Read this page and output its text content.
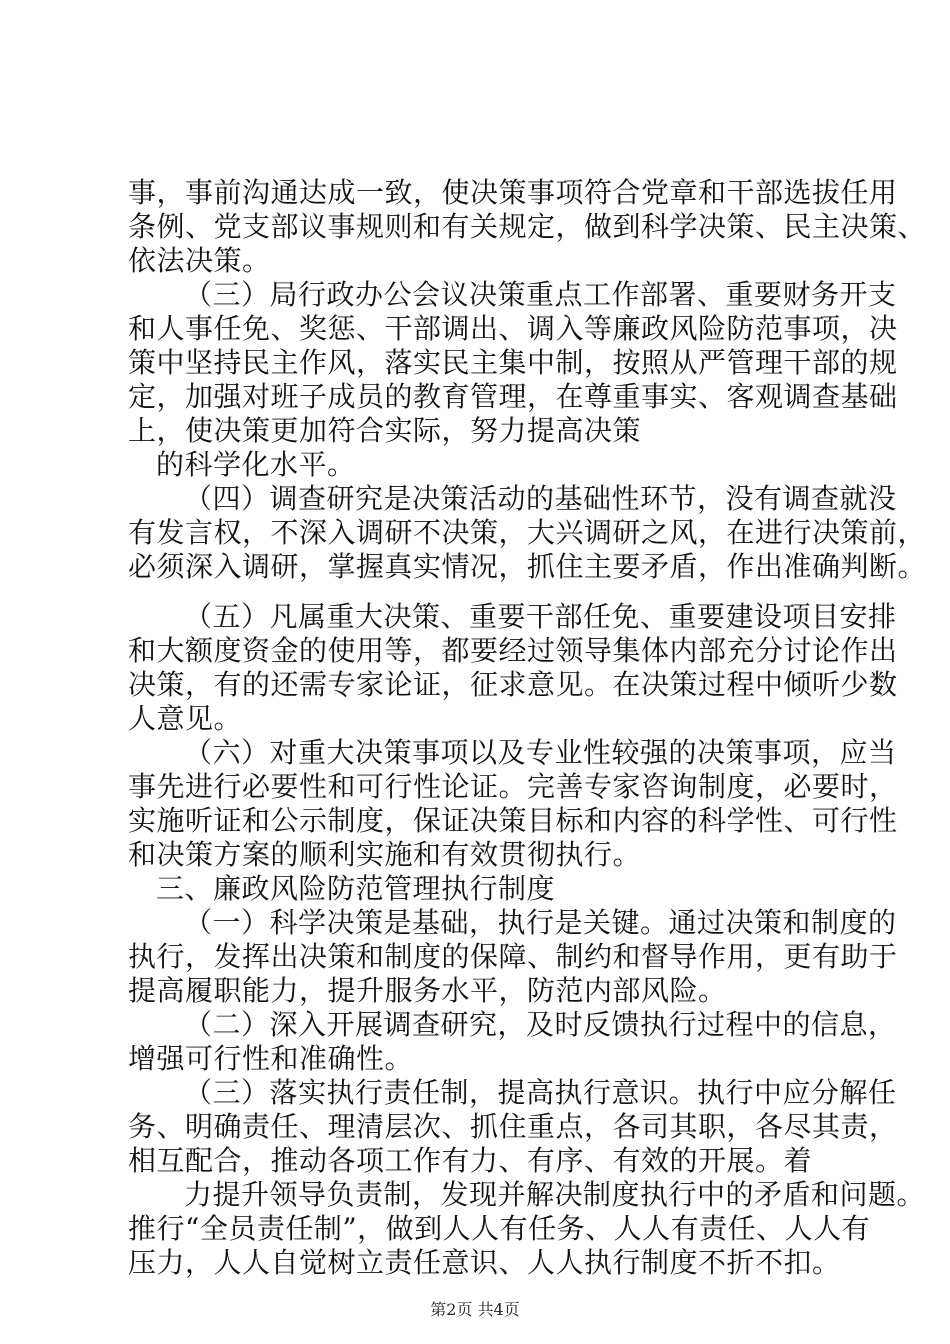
事，事前沟通达成一致，使决策事项符合党章和干部选拔任用
条例、党支部议事规则和有关规定，做到科学决策、民主决策、
依法决策。
（三）局行政办公会议决策重点工作部署、重要财务开支
和人事任免、奖惩、干部调出、调入等廉政风险防范事项，决
策中坚持民主作风，落实民主集中制，按照从严管理干部的规
定，加强对班子成员的教育管理，在尊重事实、客观调查基础
上，使决策更加符合实际，努力提高决策
的科学化水平。
（四）调查研究是决策活动的基础性环节，没有调查就没
有发言权，不深入调研不决策，大兴调研之风，在进行决策前，
必须深入调研，掌握真实情况，抓住主要矛盾，作出准确判断。
（五）凡属重大决策、重要干部任免、重要建设项目安排
和大额度资金的使用等，都要经过领导集体内部充分讨论作出
决策，有的还需专家论证，征求意见。在决策过程中倾听少数
人意见。
（六）对重大决策事项以及专业性较强的决策事项，应当
事先进行必要性和可行性论证。完善专家咨询制度，必要时，
实施听证和公示制度，保证决策目标和内容的科学性、可行性
和决策方案的顺利实施和有效贯彻执行。
三、廉政风险防范管理执行制度
（一）科学决策是基础，执行是关键。通过决策和制度的
执行，发挥出决策和制度的保障、制约和督导作用，更有助于
提高履职能力，提升服务水平，防范内部风险。
（二）深入开展调查研究，及时反馈执行过程中的信息，
增强可行性和准确性。
（三）落实执行责任制，提高执行意识。执行中应分解任
务、明确责任、理清层次、抓住重点，各司其职，各尽其责，
相互配合，推动各项工作有力、有序、有效的开展。着
力提升领导负责制，发现并解决制度执行中的矛盾和问题。
推行“全员责任制”，做到人人有任务、人人有责任、人人有
压力，人人自觉树立责任意识、人人执行制度不折不扣。
第2页 共4页
